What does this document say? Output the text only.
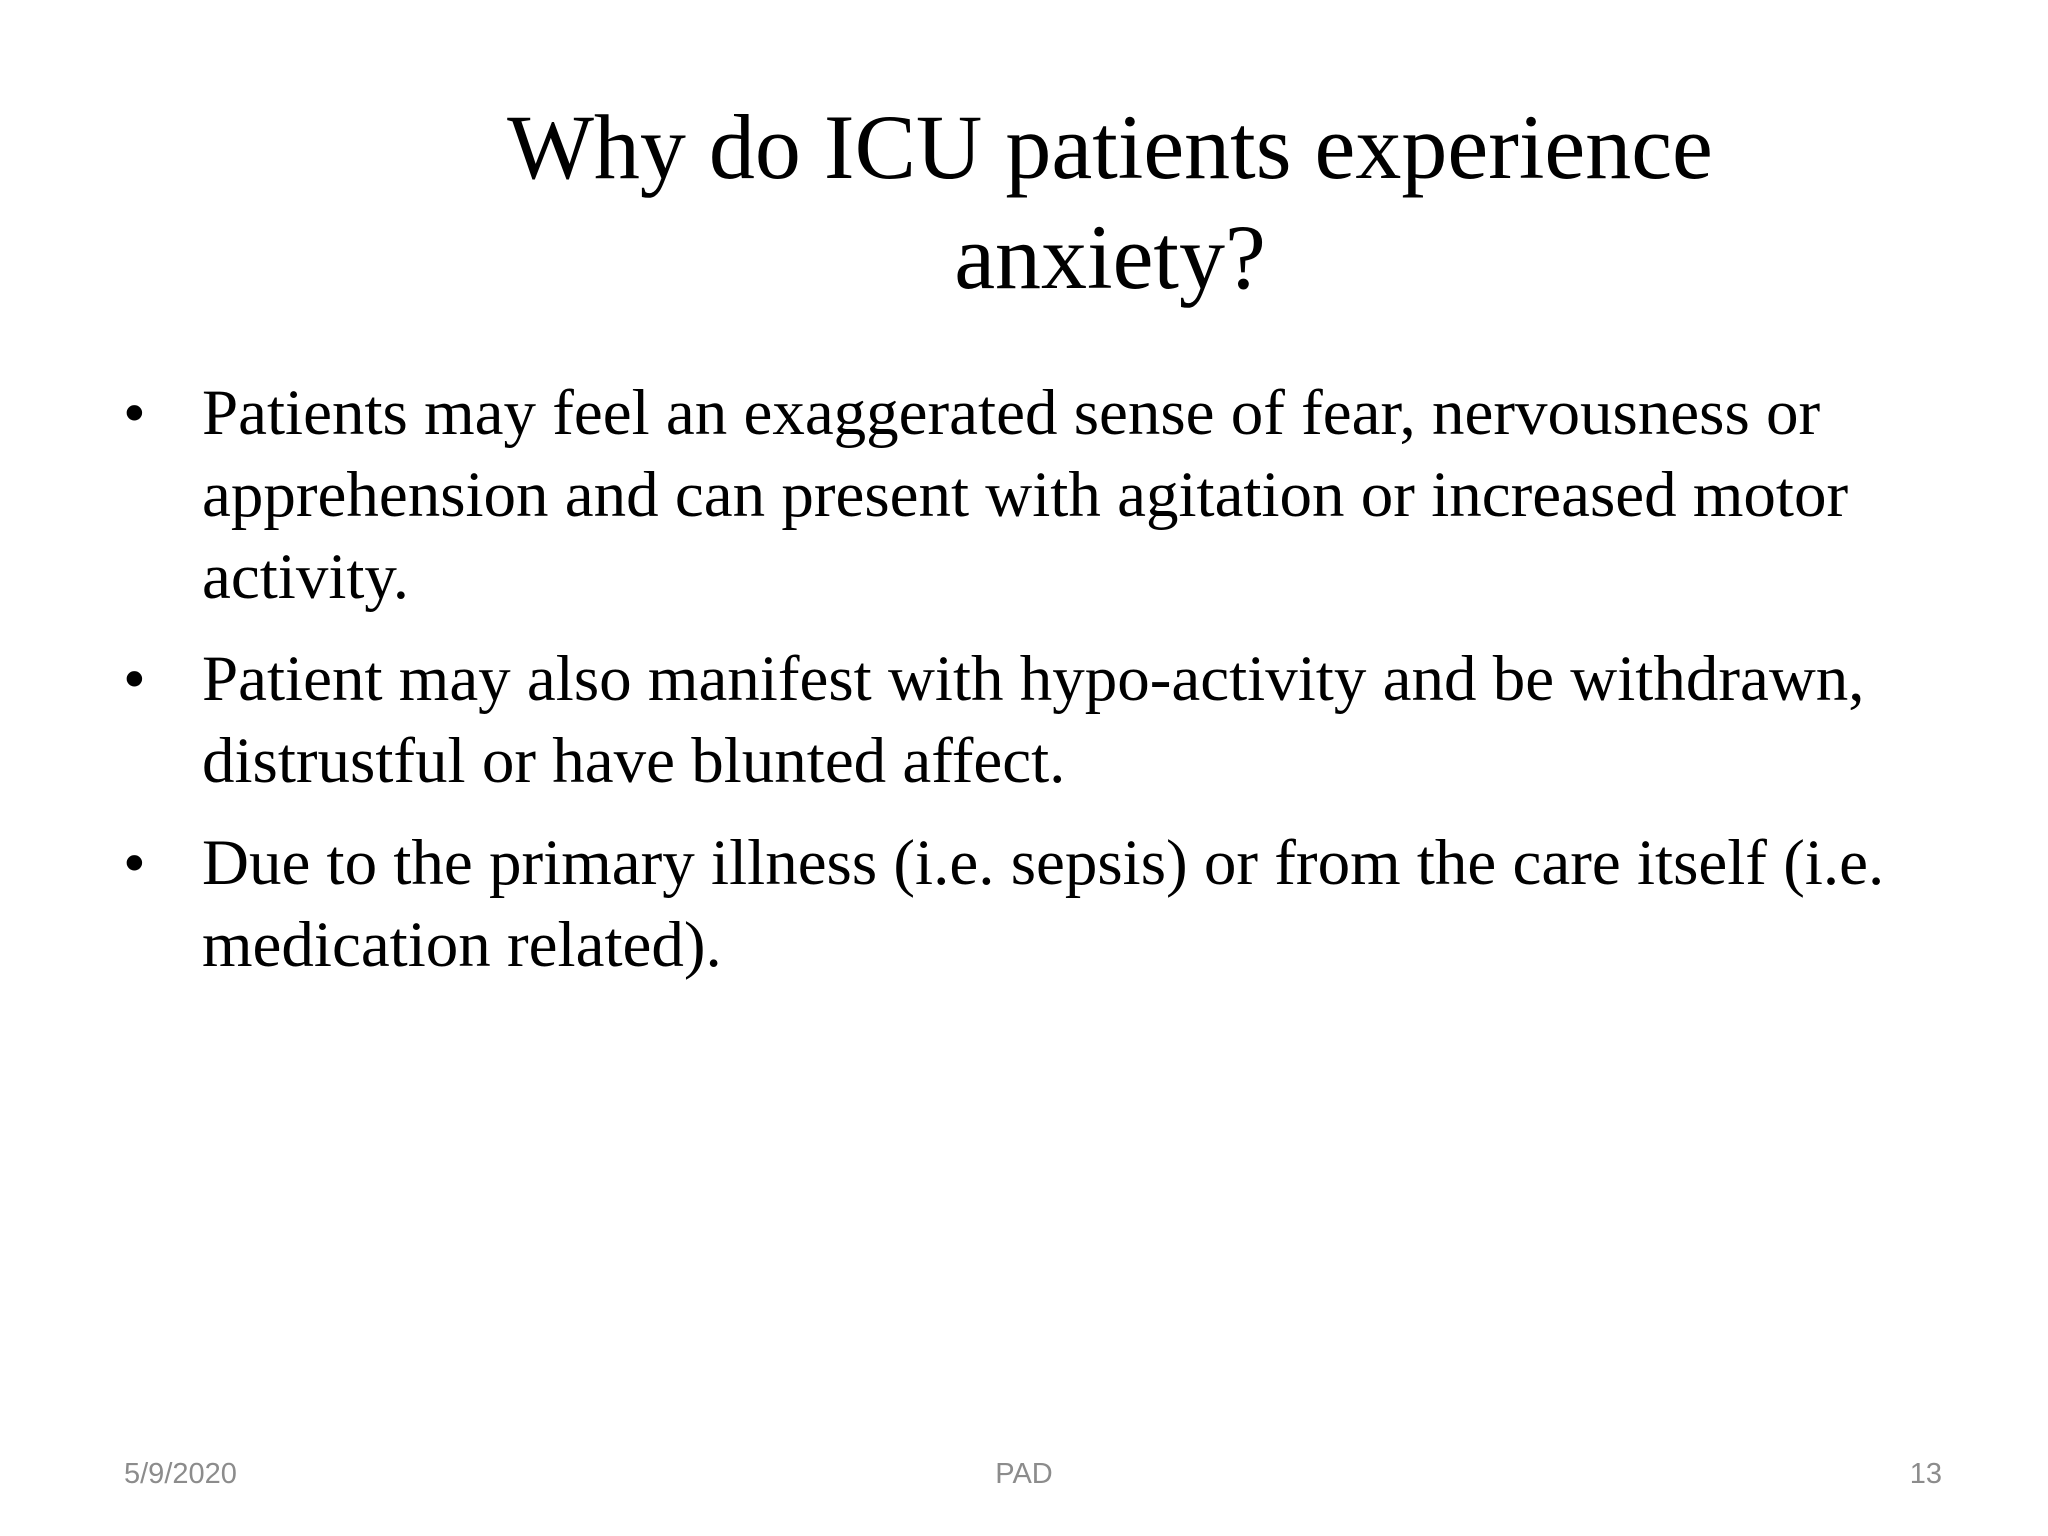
Why do ICU patients experience
anxiety?
• Patients may feel an exaggerated sense of fear, nervousness or apprehension and can present with agitation or increased motor activity.
• Patient may also manifest with hypo-activity and be withdrawn, distrustful or have blunted affect.
• Due to the primary illness (i.e. sepsis) or from the care itself (i.e. medication related).

5/9/2020	PAD	13
